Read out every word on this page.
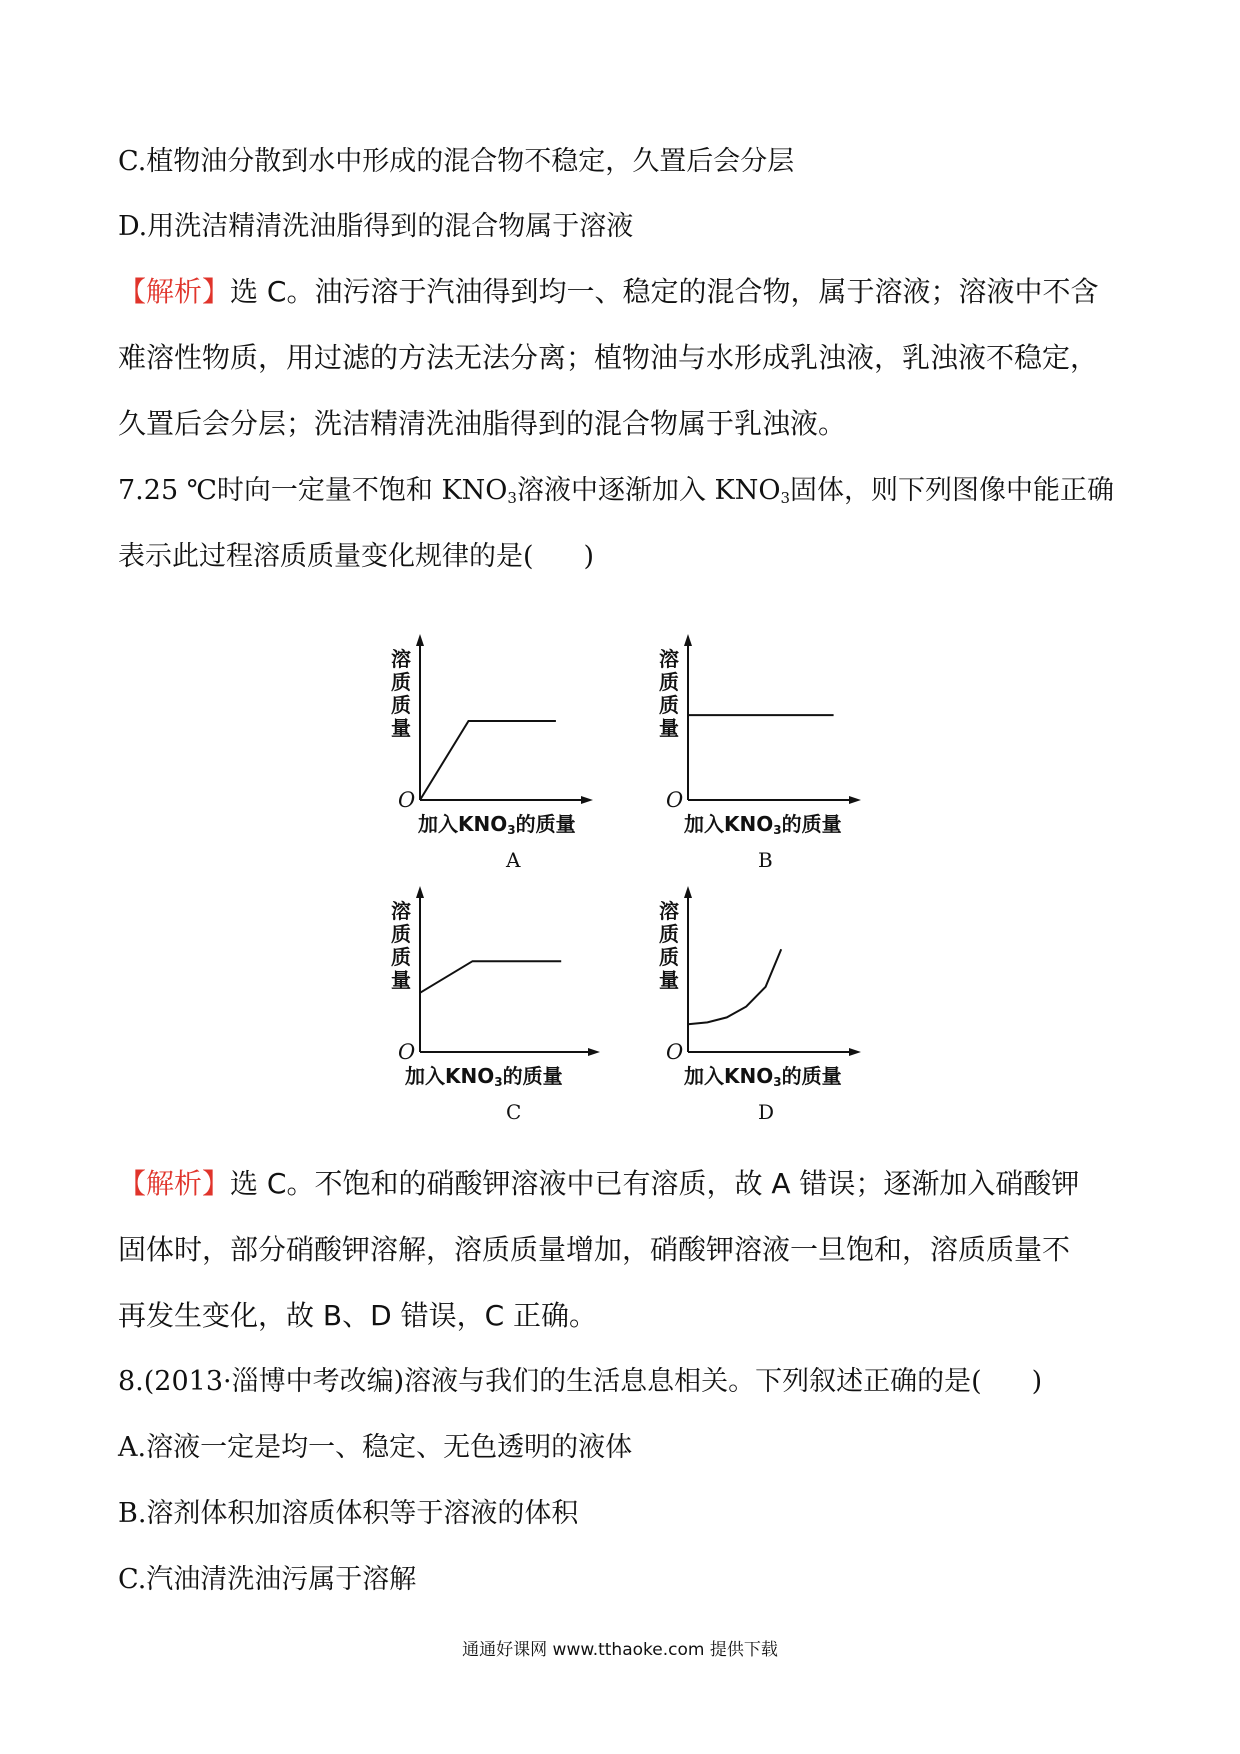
C.植物油分散到水中形成的混合物不稳定，久置后会分层
D.用洗洁精清洗油脂得到的混合物属于溶液
【解析】选 C。油污溶于汽油得到均一、稳定的混合物，属于溶液；溶液中不含
难溶性物质，用过滤的方法无法分离；植物油与水形成乳浊液，乳浊液不稳定，
久置后会分层；洗洁精清洗油脂得到的混合物属于乳浊液。
7.25 ℃时向一定量不饱和 $KNO_3$溶液中逐渐加入 $KNO_3$固体，则下列图像中能正确
表示此过程溶质质量变化规律的是( )
溶
质
质
量
O
加入$KNO_3$的质量
A
溶
质
质
量
O
加入$KNO_3$的质量
B
溶
质
质
量
O
加入$KNO_3$的质量
C
溶
质
质
量
O
加入$KNO_3$的质量
D
【解析】选 C。不饱和的硝酸钾溶液中已有溶质，故 A 错误；逐渐加入硝酸钾
固体时，部分硝酸钾溶解，溶质质量增加，硝酸钾溶液一旦饱和，溶质质量不
再发生变化，故 B、D 错误，C 正确。
8.(2013·淄博中考改编)溶液与我们的生活息息相关。下列叙述正确的是( )
A.溶液一定是均一、稳定、无色透明的液体
B.溶剂体积加溶质体积等于溶液的体积
C.汽油清洗油污属于溶解
通通好课网 www.tthaoke.com 提供下载
